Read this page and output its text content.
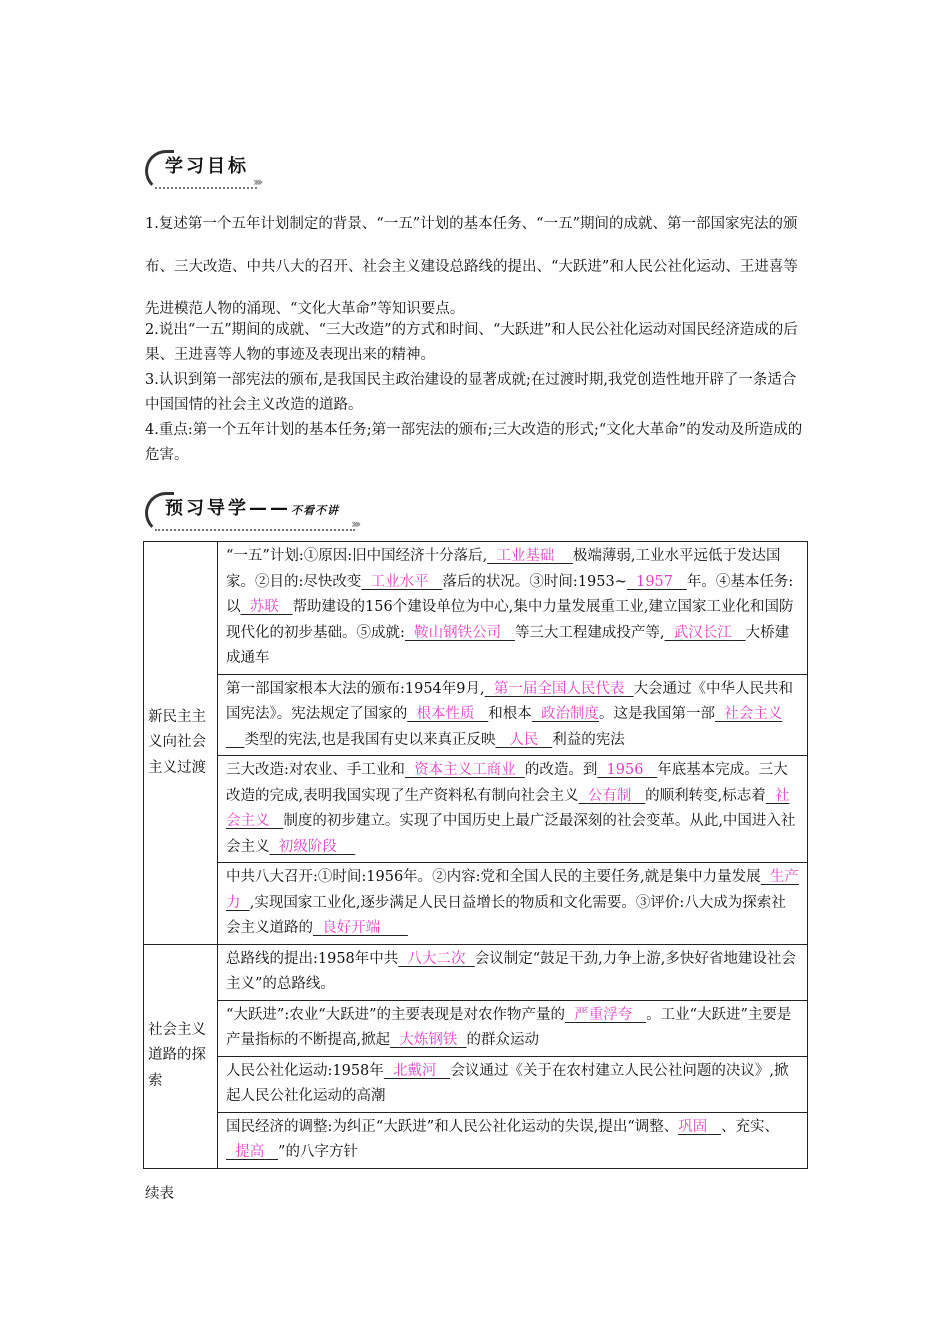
学习目标
››››

1.复述第一个五年计划制定的背景、“一五”计划的基本任务、“一五”期间的成就、第一部国家宪法的颁布、三大改造、中共八大的召开、社会主义建设总路线的提出、“大跃进”和人民公社化运动、王进喜等先进模范人物的涌现、“文化大革命”等知识要点。

2.说出“一五”期间的成就、“三大改造”的方式和时间、“大跃进”和人民公社化运动对国民经济造成的后果、王进喜等人物的事迹及表现出来的精神。

3.认识到第一部宪法的颁布,是我国民主政治建设的显著成就;在过渡时期,我党创造性地开辟了一条适合中国国情的社会主义改造的道路。

4.重点:第一个五年计划的基本任务;第一部宪法的颁布;三大改造的形式;“文化大革命”的发动及所造成的危害。

预习导学——不看不讲
››››
新民主主义向社会主义过渡	“一五”计划:①原因:旧中国经济十分落后, 工业基础 极端薄弱,工业水平远低于发达国家。②目的:尽快改变 工业水平 落后的状况。③时间:1953~ 1957 年。④基本任务:以 苏联 帮助建设的156个建设单位为中心,集中力量发展重工业,建立国家工业化和国防现代化的初步基础。⑤成就: 鞍山钢铁公司 等三大工程建成投产等, 武汉长江 大桥建成通车
	第一部国家根本大法的颁布:1954年9月, 第一届全国人民代表 大会通过《中华人民共和国宪法》。宪法规定了国家的 根本性质 和根本 政治制度。这是我国第一部 社会主义    类型的宪法,也是我国有史以来真正反映 人民 利益的宪法
	三大改造:对农业、手工业和 资本主义工商业 的改造。到 1956 年底基本完成。三大改造的完成,表明我国实现了生产资料私有制向社会主义 公有制 的顺利转变,标志着 社会主义 制度的初步建立。实现了中国历史上最广泛最深刻的社会变革。从此,中国进入社会主义 初级阶段
	中共八大召开:①时间:1956年。②内容:党和全国人民的主要任务,就是集中力量发展 生产力 ,实现国家工业化,逐步满足人民日益增长的物质和文化需要。③评价:八大成为探索社会主义道路的 良好开端
社会主义道路的探索	总路线的提出:1958年中共 八大二次 会议制定“鼓足干劲,力争上游,多快好省地建设社会主义”的总路线。
	“大跃进”:农业“大跃进”的主要表现是对农作物产量的 严重浮夸 。工业“大跃进”主要是产量指标的不断提高,掀起 大炼钢铁 的群众运动
	人民公社化运动:1958年 北戴河 会议通过《关于在农村建立人民公社问题的决议》,掀起人民公社化运动的高潮
	国民经济的调整:为纠正“大跃进”和人民公社化运动的失误,提出“调整、巩固 、充实、  提高 ”的八字方针
续表
